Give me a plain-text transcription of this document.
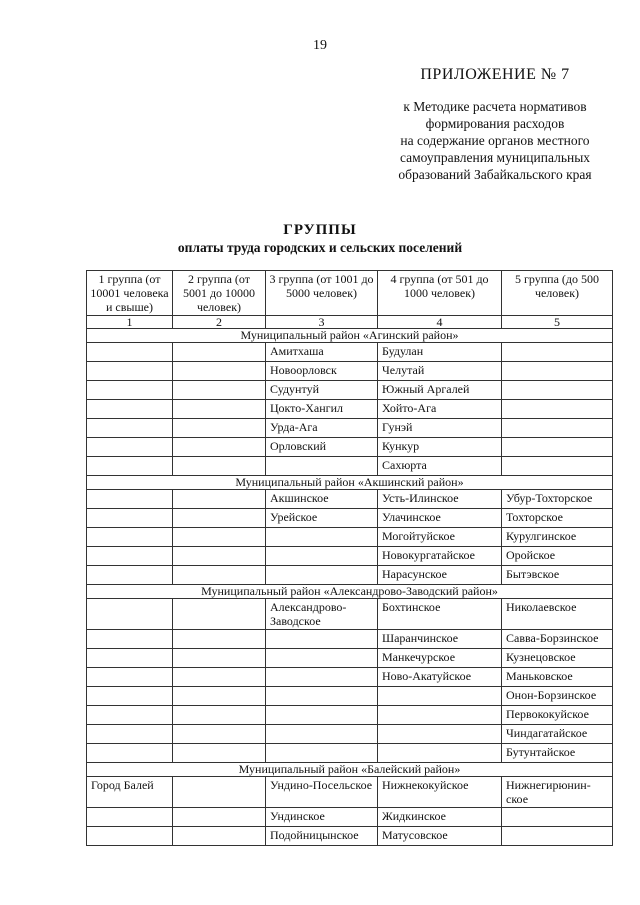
19
ПРИЛОЖЕНИЕ № 7
к Методике расчета нормативов
формирования расходов
на содержание органов местного
самоуправления муниципальных
образований Забайкальского края
ГРУППЫ
оплаты труда городских и сельских поселений
1 группа (от 10001 человека и свыше)	2 группа (от 5001 до 10000 человек)	3 группа (от 1001 до 5000 человек)	4 группа (от 501 до 1000 человек)	5 группа (до 500 человек)
1	2	3	4	5
Муниципальный район «Агинский район»				
		Амитхаша	Будулан	
		Новоорловск	Челутай	
		Судунтуй	Южный Аргалей	
		Цокто-Хангил	Хойто-Ага	
		Урда-Ага	Гунэй	
		Орловский	Кункур	
			Сахюрта	
Муниципальный район «Акшинский район»				
		Акшинское	Усть-Илинское	Убур-Тохторское
		Урейское	Улачинское	Тохторское
			Могойтуйское	Курулгинское
			Новокургатайское	Оройское
			Нарасунское	Бытэвское
Муниципальный район «Александрово-Заводский район»				
		Александрово-Заводское	Бохтинское	Николаевское
			Шаранчинское	Савва-Борзинское
			Манкечурское	Кузнецовское
			Ново-Акатуйское	Маньковское
				Онон-Борзинское
				Первококуйское
				Чиндагатайское
				Бутунтайское
Муниципальный район «Балейский район»				
Город Балей		Ундино-Посельское	Нижнекокуйское	Нижнегирюнин-ское
		Ундинское	Жидкинское	
		Подойницынское	Матусовское	
